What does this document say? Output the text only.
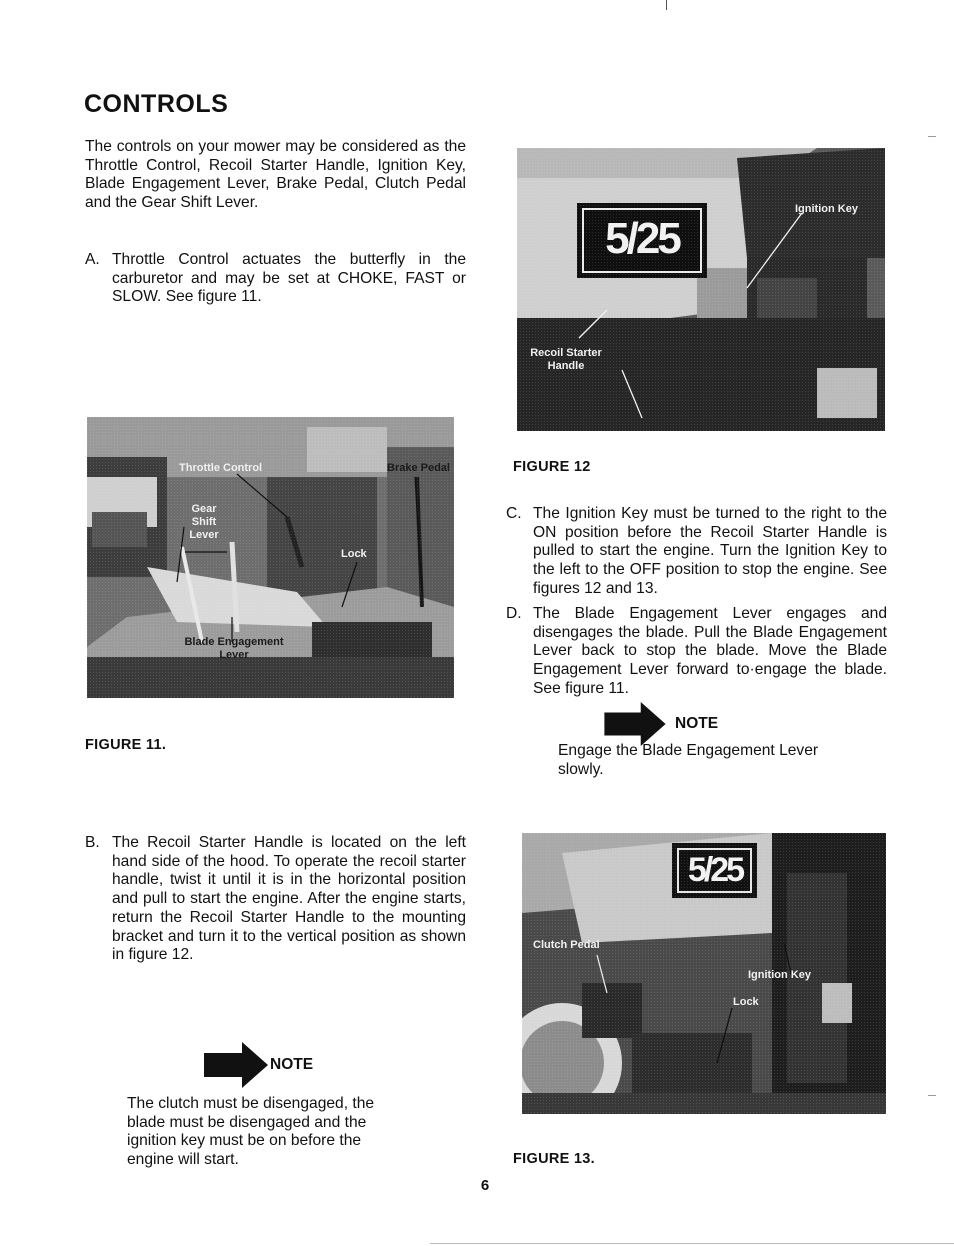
CONTROLS

The controls on your mower may be considered as the Throttle Control, Recoil Starter Handle, Ignition Key, Blade Engagement Lever, Brake Pedal, Clutch Pedal and the Gear Shift Lever.

A. Throttle Control actuates the butterfly in the carburetor and may be set at CHOKE, FAST or SLOW. See figure 11.
Throttle Control	Brake Pedal
Gear Shift Lever
Lock
Blade Engagement Lever
FIGURE 11.
B. The Recoil Starter Handle is located on the left hand side of the hood. To operate the recoil starter handle, twist it until it is in the horizontal position and pull to start the engine. After the engine starts, return the Recoil Starter Handle to the mounting bracket and turn it to the vertical position as shown in figure 12.
NOTE
The clutch must be disengaged, the blade must be disengaged and the ignition key must be on before the engine will start.
5/25
Ignition Key
Recoil Starter Handle
FIGURE 12
C. The Ignition Key must be turned to the right to the ON position before the Recoil Starter Handle is pulled to start the engine. Turn the Ignition Key to the left to the OFF position to stop the engine. See figures 12 and 13.
D. The Blade Engagement Lever engages and disengages the blade. Pull the Blade Engagement Lever back to stop the blade. Move the Blade Engagement Lever forward to·engage the blade. See figure 11.
NOTE
Engage the Blade Engagement Lever slowly.
5/25
Clutch Pedal
Ignition Key
Lock
FIGURE 13.
6
